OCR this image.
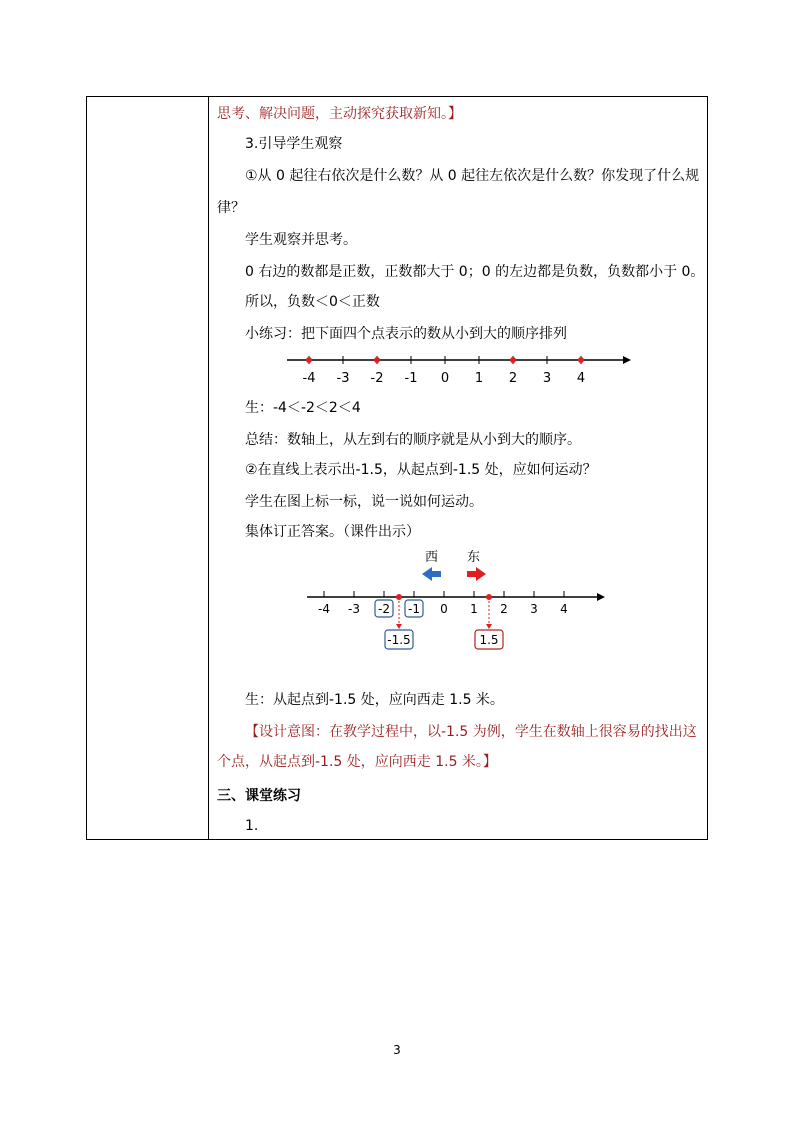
思考、解决问题，主动探究获取新知。】
3.引导学生观察
①从 0 起往右依次是什么数？从 0 起往左依次是什么数？你发现了什么规
律？
学生观察并思考。
0 右边的数都是正数，正数都大于 0；0 的左边都是负数，负数都小于 0。
所以，负数＜0＜正数
小练习：把下面四个点表示的数从小到大的顺序排列
-4 -3 -2 -1 0 1 2 3 4
生：-4＜-2＜2＜4
总结：数轴上，从左到右的顺序就是从小到大的顺序。
②在直线上表示出-1.5，从起点到-1.5 处，应如何运动？
学生在图上标一标，说一说如何运动。
集体订正答案。（课件出示）
西 东
-4 -3 -2 -1 0 1 2 3 4
-1.5	1.5
生：从起点到-1.5 处，应向西走 1.5 米。
【设计意图：在教学过程中，以-1.5 为例，学生在数轴上很容易的找出这
个点，从起点到-1.5 处，应向西走 1.5 米。】
三、课堂练习
1.
3
